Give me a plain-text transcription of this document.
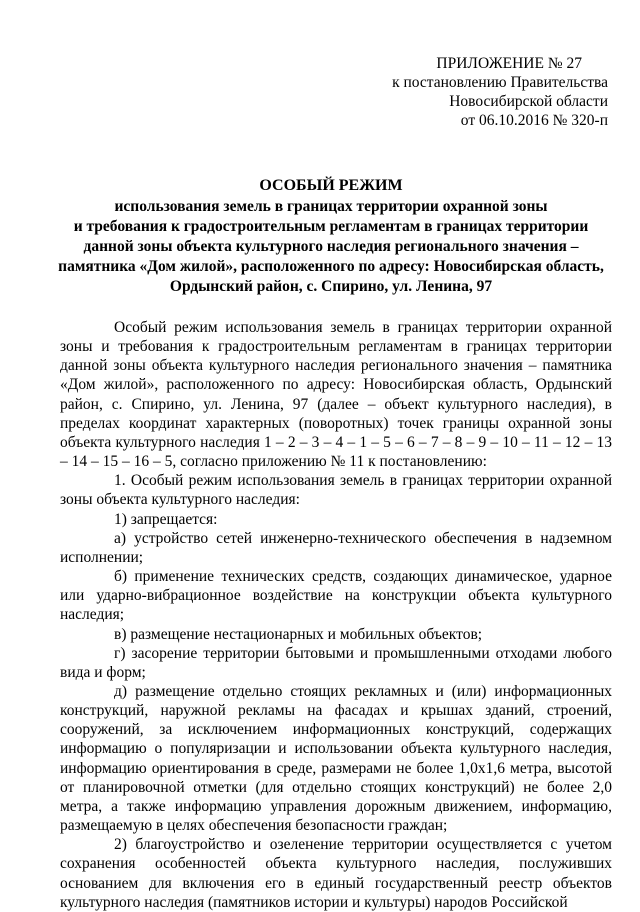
ПРИЛОЖЕНИЕ № 27
к постановлению Правительства
Новосибирской области
от 06.10.2016 № 320-п
ОСОБЫЙ РЕЖИМ
использования земель в границах территории охранной зоны
и требования к градостроительным регламентам в границах территории
данной зоны объекта культурного наследия регионального значения –
памятника «Дом жилой», расположенного по адресу: Новосибирская область,
Ордынский район, с. Спирино, ул. Ленина, 97

Особый режим использования земель в границах территории охранной зоны и требования к градостроительным регламентам в границах территории данной зоны объекта культурного наследия регионального значения – памятника «Дом жилой», расположенного по адресу: Новосибирская область, Ордынский район, с. Спирино, ул. Ленина, 97 (далее – объект культурного наследия), в пределах координат характерных (поворотных) точек границы охранной зоны объекта культурного наследия 1 – 2 – 3 – 4 – 1 – 5 – 6 – 7 – 8 – 9 – 10 – 11 – 12 – 13 – 14 – 15 – 16 – 5, согласно приложению № 11 к постановлению:

1. Особый режим использования земель в границах территории охранной зоны объекта культурного наследия:

1) запрещается:

а) устройство сетей инженерно-технического обеспечения в надземном исполнении;

б) применение технических средств, создающих динамическое, ударное или ударно-вибрационное воздействие на конструкции объекта культурного наследия;

в) размещение нестационарных и мобильных объектов;

г) засорение территории бытовыми и промышленными отходами любого вида и форм;

д) размещение отдельно стоящих рекламных и (или) информационных конструкций, наружной рекламы на фасадах и крышах зданий, строений, сооружений, за исключением информационных конструкций, содержащих информацию о популяризации и использовании объекта культурного наследия, информацию ориентирования в среде, размерами не более 1,0х1,6 метра, высотой от планировочной отметки (для отдельно стоящих конструкций) не более 2,0 метра, а также информацию управления дорожным движением, информацию, размещаемую в целях обеспечения безопасности граждан;

2) благоустройство и озеленение территории осуществляется с учетом сохранения особенностей объекта культурного наследия, послуживших основанием для включения его в единый государственный реестр объектов культурного наследия (памятников истории и культуры) народов Российской
